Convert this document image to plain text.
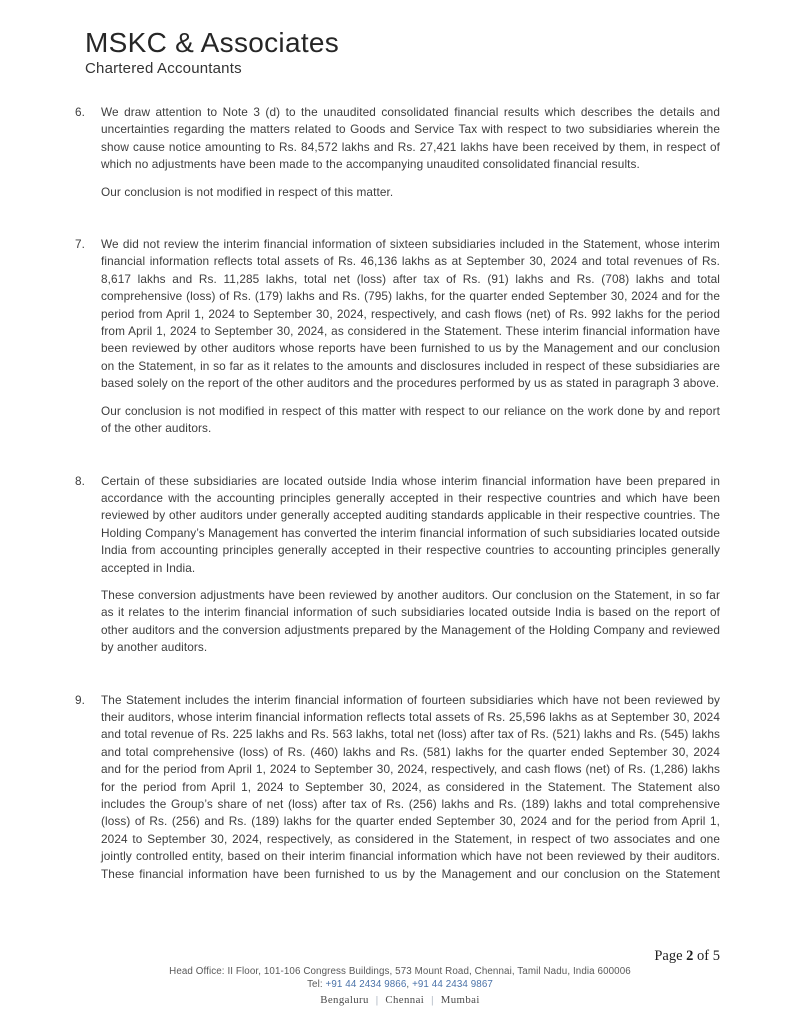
MSKC & Associates
Chartered Accountants
6.	We draw attention to Note 3 (d) to the unaudited consolidated financial results which describes the details and uncertainties regarding the matters related to Goods and Service Tax with respect to two subsidiaries wherein the show cause notice amounting to Rs. 84,572 lakhs and Rs. 27,421 lakhs have been received by them, in respect of which no adjustments have been made to the accompanying unaudited consolidated financial results.

Our conclusion is not modified in respect of this matter.

7.	We did not review the interim financial information of sixteen subsidiaries included in the Statement, whose interim financial information reflects total assets of Rs. 46,136 lakhs as at September 30, 2024 and total revenues of Rs. 8,617 lakhs and Rs. 11,285 lakhs, total net (loss) after tax of Rs. (91) lakhs and Rs. (708) lakhs and total comprehensive (loss) of Rs. (179) lakhs and Rs. (795) lakhs, for the quarter ended September 30, 2024 and for the period from April 1, 2024 to September 30, 2024, respectively, and cash flows (net) of Rs. 992 lakhs for the period from April 1, 2024 to September 30, 2024, as considered in the Statement. These interim financial information have been reviewed by other auditors whose reports have been furnished to us by the Management and our conclusion on the Statement, in so far as it relates to the amounts and disclosures included in respect of these subsidiaries are based solely on the report of the other auditors and the procedures performed by us as stated in paragraph 3 above.

Our conclusion is not modified in respect of this matter with respect to our reliance on the work done by and report of the other auditors.

8.	Certain of these subsidiaries are located outside India whose interim financial information have been prepared in accordance with the accounting principles generally accepted in their respective countries and which have been reviewed by other auditors under generally accepted auditing standards applicable in their respective countries. The Holding Company’s Management has converted the interim financial information of such subsidiaries located outside India from accounting principles generally accepted in their respective countries to accounting principles generally accepted in India.

These conversion adjustments have been reviewed by another auditors. Our conclusion on the Statement, in so far as it relates to the interim financial information of such subsidiaries located outside India is based on the report of other auditors and the conversion adjustments prepared by the Management of the Holding Company and reviewed by another auditors.

9.	The Statement includes the interim financial information of fourteen subsidiaries which have not been reviewed by their auditors, whose interim financial information reflects total assets of Rs. 25,596 lakhs as at September 30, 2024 and total revenue of Rs. 225 lakhs and Rs. 563 lakhs, total net (loss) after tax of Rs. (521) lakhs and Rs. (545) lakhs and total comprehensive (loss) of Rs. (460) lakhs and Rs. (581) lakhs for the quarter ended September 30, 2024 and for the period from April 1, 2024 to September 30, 2024, respectively, and cash flows (net) of Rs. (1,286) lakhs for the period from April 1, 2024 to September 30, 2024, as considered in the Statement. The Statement also includes the Group’s share of net (loss) after tax of Rs. (256) lakhs and Rs. (189) lakhs and total comprehensive (loss) of Rs. (256) and Rs. (189) lakhs for the quarter ended September 30, 2024 and for the period from April 1, 2024 to September 30, 2024, respectively, as considered in the Statement, in respect of two associates and one jointly controlled entity, based on their interim financial information which have not been reviewed by their auditors. These financial information have been furnished to us by the Management and our conclusion on the Statement

Page 2 of 5
Head Office: II Floor, 101-106 Congress Buildings, 573 Mount Road, Chennai, Tamil Nadu, India 600006
Tel: +91 44 2434 9866, +91 44 2434 9867
Bengaluru | Chennai | Mumbai
